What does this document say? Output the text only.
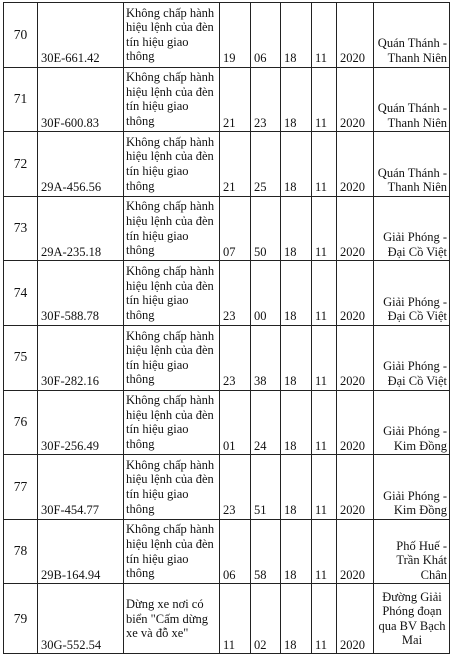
70	30E-661.42	Không chấp hành
hiệu lệnh của đèn
tín hiệu giao
thông	19	06	18	11	2020	Quán Thánh -
Thanh Niên
71	30F-600.83	Không chấp hành
hiệu lệnh của đèn
tín hiệu giao
thông	21	23	18	11	2020	Quán Thánh -
Thanh Niên
72	29A-456.56	Không chấp hành
hiệu lệnh của đèn
tín hiệu giao
thông	21	25	18	11	2020	Quán Thánh -
Thanh Niên
73	29A-235.18	Không chấp hành
hiệu lệnh của đèn
tín hiệu giao
thông	07	50	18	11	2020	Giải Phóng -
Đại Cồ Việt
74	30F-588.78	Không chấp hành
hiệu lệnh của đèn
tín hiệu giao
thông	23	00	18	11	2020	Giải Phóng -
Đại Cồ Việt
75	30F-282.16	Không chấp hành
hiệu lệnh của đèn
tín hiệu giao
thông	23	38	18	11	2020	Giải Phóng -
Đại Cồ Việt
76	30F-256.49	Không chấp hành
hiệu lệnh của đèn
tín hiệu giao
thông	01	24	18	11	2020	Giải Phóng -
Kim Đồng
77	30F-454.77	Không chấp hành
hiệu lệnh của đèn
tín hiệu giao
thông	23	51	18	11	2020	Giải Phóng -
Kim Đồng
78	29B-164.94	Không chấp hành
hiệu lệnh của đèn
tín hiệu giao
thông	06	58	18	11	2020	Phố Huế -
Trần Khát
Chân
79	30G-552.54	Dừng xe nơi có
biển "Cấm dừng
xe và đỗ xe"	11	02	18	11	2020	Đường Giải
Phóng đoạn
qua BV Bạch
Mai
